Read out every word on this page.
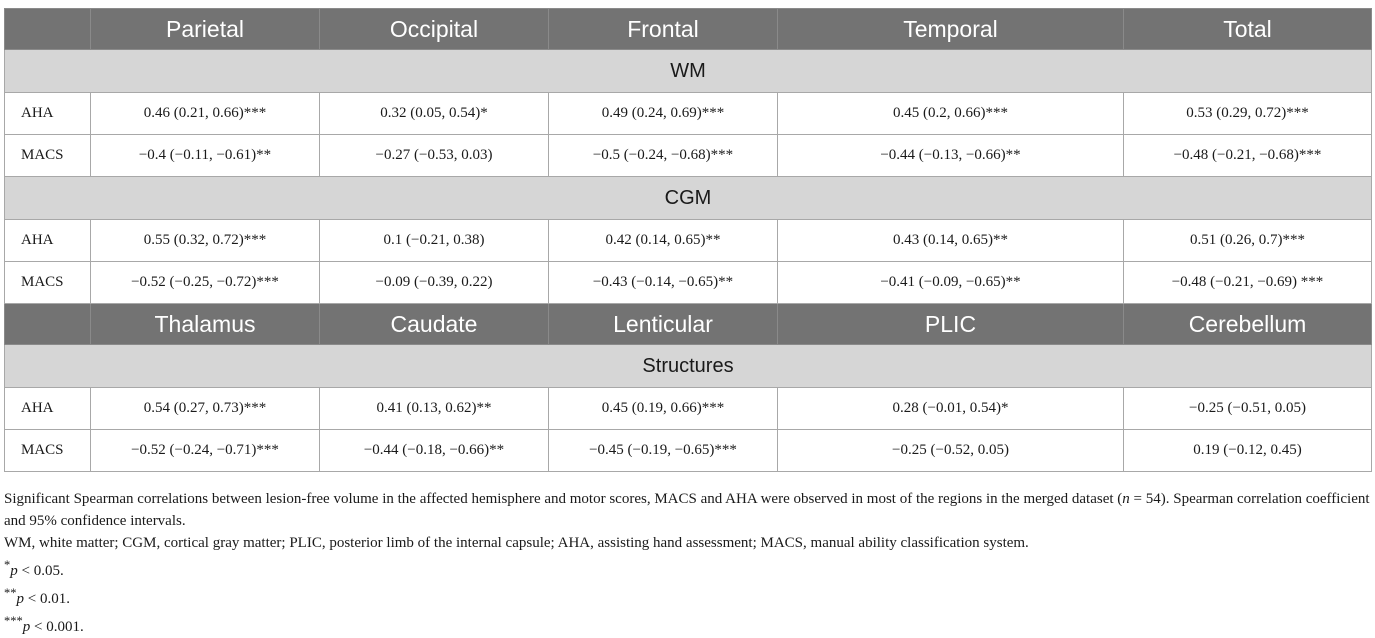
	Parietal	Occipital	Frontal	Temporal	Total
WM					
AHA	0.46 (0.21, 0.66)***	0.32 (0.05, 0.54)*	0.49 (0.24, 0.69)***	0.45 (0.2, 0.66)***	0.53 (0.29, 0.72)***
MACS	−0.4 (−0.11, −0.61)**	−0.27 (−0.53, 0.03)	−0.5 (−0.24, −0.68)***	−0.44 (−0.13, −0.66)**	−0.48 (−0.21, −0.68)***
CGM					
AHA	0.55 (0.32, 0.72)***	0.1 (−0.21, 0.38)	0.42 (0.14, 0.65)**	0.43 (0.14, 0.65)**	0.51 (0.26, 0.7)***
MACS	−0.52 (−0.25, −0.72)***	−0.09 (−0.39, 0.22)	−0.43 (−0.14, −0.65)**	−0.41 (−0.09, −0.65)**	−0.48 (−0.21, −0.69) ***
	Thalamus	Caudate	Lenticular	PLIC	Cerebellum
Structures					
AHA	0.54 (0.27, 0.73)***	0.41 (0.13, 0.62)**	0.45 (0.19, 0.66)***	0.28 (−0.01, 0.54)*	−0.25 (−0.51, 0.05)
MACS	−0.52 (−0.24, −0.71)***	−0.44 (−0.18, −0.66)**	−0.45 (−0.19, −0.65)***	−0.25 (−0.52, 0.05)	0.19 (−0.12, 0.45)

Significant Spearman correlations between lesion-free volume in the affected hemisphere and motor scores, MACS and AHA were observed in most of the regions in the merged dataset (n = 54). Spearman correlation coefficient and 95% confidence intervals.

WM, white matter; CGM, cortical gray matter; PLIC, posterior limb of the internal capsule; AHA, assisting hand assessment; MACS, manual ability classification system.

*p < 0.05.

**p < 0.01.

***p < 0.001.
